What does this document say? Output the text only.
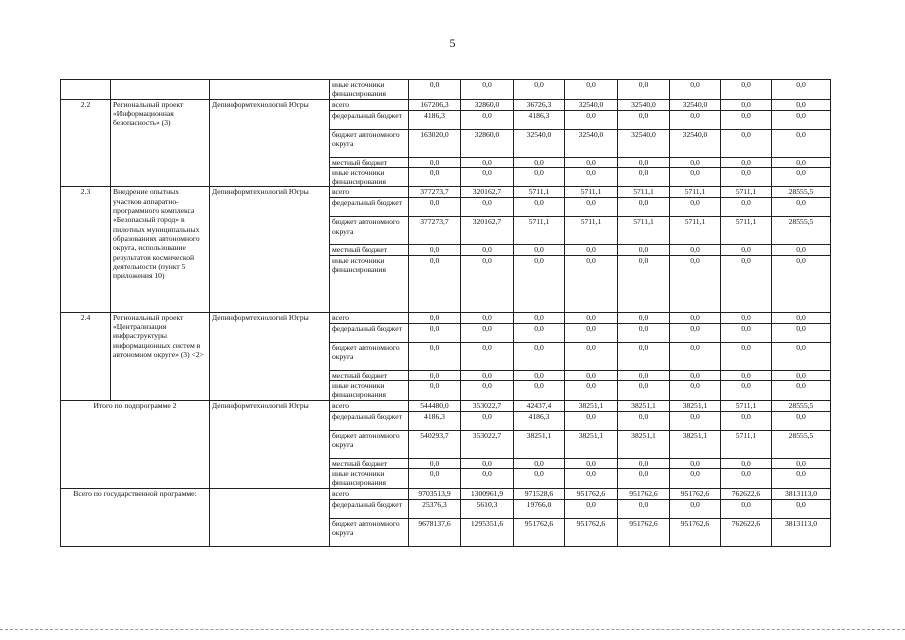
5
			иные источники финансирования	0,0	0,0	0,0	0,0	0,0	0,0	0,0	0,0
2.2	Региональный проект «Информационная безопасность» (3)	Депинформтехнологий Югры	всего	167206,3	32860,0	36726,3	32540,0	32540,0	32540,0	0,0	0,0
			федеральный бюджет	4186,3	0,0	4186,3	0,0	0,0	0,0	0,0	0,0
			бюджет автономного округа	163020,0	32860,0	32540,0	32540,0	32540,0	32540,0	0,0	0,0
			местный бюджет	0,0	0,0	0,0	0,0	0,0	0,0	0,0	0,0
			иные источники финансирования	0,0	0,0	0,0	0,0	0,0	0,0	0,0	0,0
2.3	Внедрение опытных участков аппаратно-программного комплекса «Безопасный город» в пилотных муниципальных образованиях автономного округа, использование результатов космической деятельности (пункт 5 приложения 10)	Депинформтехнологий Югры	всего	377273,7	320162,7	5711,1	5711,1	5711,1	5711,1	5711,1	28555,5
			федеральный бюджет	0,0	0,0	0,0	0,0	0,0	0,0	0,0	0,0
			бюджет автономного округа	377273,7	320162,7	5711,1	5711,1	5711,1	5711,1	5711,1	28555,5
			местный бюджет	0,0	0,0	0,0	0,0	0,0	0,0	0,0	0,0
			иные источники финансирования	0,0	0,0	0,0	0,0	0,0	0,0	0,0	0,0
2.4	Региональный проект «Централизация инфраструктуры информационных систем в автономном округе» (3) <2>	Депинформтехнологий Югры	всего	0,0	0,0	0,0	0,0	0,0	0,0	0,0	0,0
			федеральный бюджет	0,0	0,0	0,0	0,0	0,0	0,0	0,0	0,0
			бюджет автономного округа	0,0	0,0	0,0	0,0	0,0	0,0	0,0	0,0
			местный бюджет	0,0	0,0	0,0	0,0	0,0	0,0	0,0	0,0
			иные источники финансирования	0,0	0,0	0,0	0,0	0,0	0,0	0,0	0,0
Итого по подпрограмме 2		Депинформтехнологий Югры	всего	544480,0	353022,7	42437,4	38251,1	38251,1	38251,1	5711,1	28555,5
			федеральный бюджет	4186,3	0,0	4186,3	0,0	0,0	0,0	0,0	0,0
			бюджет автономного округа	540293,7	353022,7	38251,1	38251,1	38251,1	38251,1	5711,1	28555,5
			местный бюджет	0,0	0,0	0,0	0,0	0,0	0,0	0,0	0,0
			иные источники финансирования	0,0	0,0	0,0	0,0	0,0	0,0	0,0	0,0
Всего по государственной программе:			всего	9703513,9	1300961,9	971528,6	951762,6	951762,6	951762,6	762622,6	3813113,0
			федеральный бюджет	25376,3	5610,3	19766,0	0,0	0,0	0,0	0,0	0,0
			бюджет автономного округа	9678137,6	1295351,6	951762,6	951762,6	951762,6	951762,6	762622,6	3813113,0
